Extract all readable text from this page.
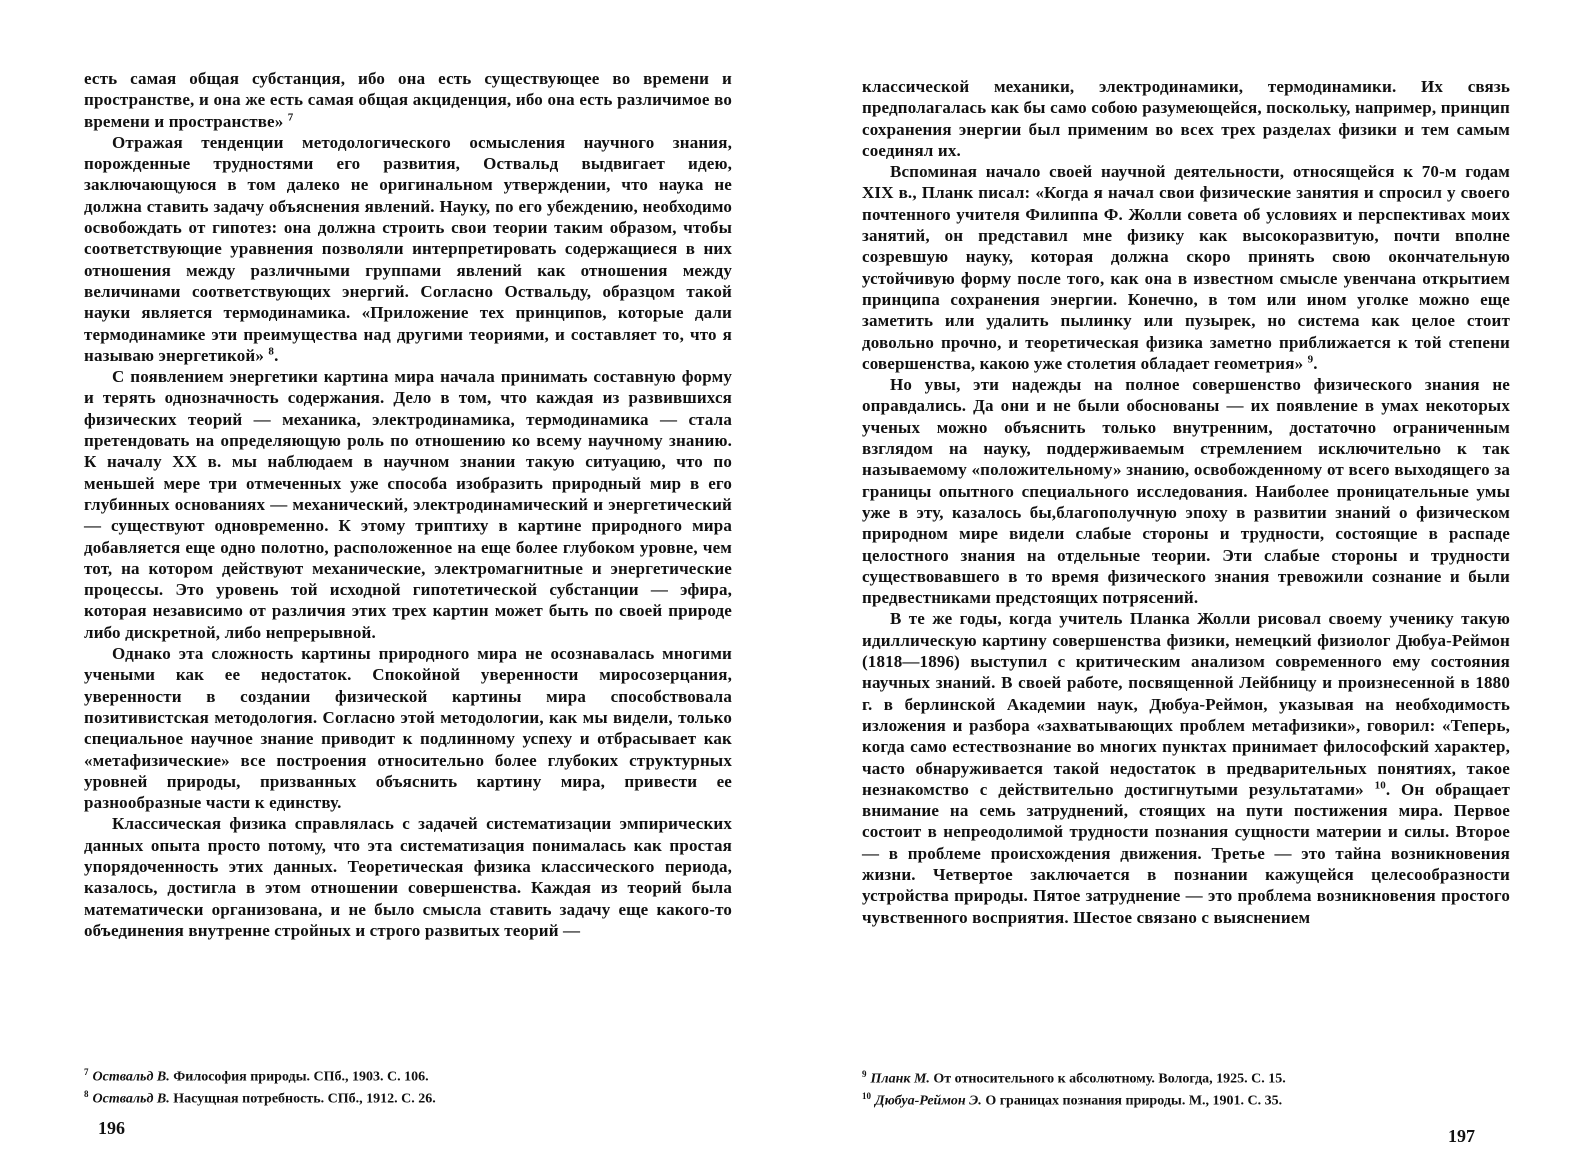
есть самая общая субстанция, ибо она есть существующее во времени и пространстве, и она же есть самая общая акциденция, ибо она есть различимое во времени и пространстве» $^7$

Отражая тенденции методологического осмысления научного знания, порожденные трудностями его развития, Оствальд выдвигает идею, заключающуюся в том далеко не оригинальном утверждении, что наука не должна ставить задачу объяснения явлений. Науку, по его убеждению, необходимо освобождать от гипотез: она должна строить свои теории таким образом, чтобы соответствующие уравнения позволяли интерпретировать содержащиеся в них отношения между различными группами явлений как отношения между величинами соответствующих энергий. Согласно Оствальду, образцом такой науки является термодинамика. «Приложение тех принципов, которые дали термодинамике эти преимущества над другими теориями, и составляет то, что я называю энергетикой» $^8$.

С появлением энергетики картина мира начала принимать составную форму и терять однозначность содержания. Дело в том, что каждая из развившихся физических теорий — механика, электродинамика, термодинамика — стала претендовать на определяющую роль по отношению ко всему научному знанию. К началу XX в. мы наблюдаем в научном знании такую ситуацию, что по меньшей мере три отмеченных уже способа изобразить природный мир в его глубинных основаниях — механический, электродинамический и энергетический — существуют одновременно. К этому триптиху в картине природного мира добавляется еще одно полотно, расположенное на еще более глубоком уровне, чем тот, на котором действуют механические, электромагнитные и энергетические процессы. Это уровень той исходной гипотетической субстанции — эфира, которая независимо от различия этих трех картин может быть по своей природе либо дискретной, либо непрерывной.

Однако эта сложность картины природного мира не осознавалась многими учеными как ее недостаток. Спокойной уверенности миросозерцания, уверенности в создании физической картины мира способствовала позитивистская методология. Согласно этой методологии, как мы видели, только специальное научное знание приводит к подлинному успеху и отбрасывает как «метафизические» все построения относительно более глубоких структурных уровней природы, призванных объяснить картину мира, привести ее разнообразные части к единству.

Классическая физика справлялась с задачей систематизации эмпирических данных опыта просто потому, что эта систематизация понималась как простая упорядоченность этих данных. Теоретическая физика классического периода, казалось, достигла в этом отношении совершенства. Каждая из теорий была математически организована, и не было смысла ставить задачу еще какого-то объединения внутренне стройных и строго развитых теорий —

$^7$ Оствальд В. Философия природы. СПб., 1903. С. 106.

$^8$ Оствальд В. Насущная потребность. СПб., 1912. С. 26.

196

классической механики, электродинамики, термодинамики. Их связь предполагалась как бы само собою разумеющейся, поскольку, например, принцип сохранения энергии был применим во всех трех разделах физики и тем самым соединял их.

Вспоминая начало своей научной деятельности, относящейся к 70-м годам XIX в., Планк писал: «Когда я начал свои физические занятия и спросил у своего почтенного учителя Филиппа Ф. Жолли совета об условиях и перспективах моих занятий, он представил мне физику как высокоразвитую, почти вполне созревшую науку, которая должна скоро принять свою окончательную устойчивую форму после того, как она в известном смысле увенчана открытием принципа сохранения энергии. Конечно, в том или ином уголке можно еще заметить или удалить пылинку или пузырек, но система как целое стоит довольно прочно, и теоретическая физика заметно приближается к той степени совершенства, какою уже столетия обладает геометрия» $^9$.

Но увы, эти надежды на полное совершенство физического знания не оправдались. Да они и не были обоснованы — их появление в умах некоторых ученых можно объяснить только внутренним, достаточно ограниченным взглядом на науку, поддерживаемым стремлением исключительно к так называемому «положительному» знанию, освобожденному от всего выходящего за границы опытного специального исследования. Наиболее проницательные умы уже в эту, казалось бы,благополучную эпоху в развитии знаний о физическом природном мире видели слабые стороны и трудности, состоящие в распаде целостного знания на отдельные теории. Эти слабые стороны и трудности существовавшего в то время физического знания тревожили сознание и были предвестниками предстоящих потрясений.

В те же годы, когда учитель Планка Жолли рисовал своему ученику такую идиллическую картину совершенства физики, немецкий физиолог Дюбуа-Реймон (1818—1896) выступил с критическим анализом современного ему состояния научных знаний. В своей работе, посвященной Лейбницу и произнесенной в 1880 г. в берлинской Академии наук, Дюбуа-Реймон, указывая на необходимость изложения и разбора «захватывающих проблем метафизики», говорил: «Теперь, когда само естествознание во многих пунктах принимает философский характер, часто обнаруживается такой недостаток в предварительных понятиях, такое незнакомство с действительно достигнутыми результатами» $^{10}$. Он обращает внимание на семь затруднений, стоящих на пути постижения мира. Первое состоит в непреодолимой трудности познания сущности материи и силы. Второе — в проблеме происхождения движения. Третье — это тайна возникновения жизни. Четвертое заключается в познании кажущейся целесообразности устройства природы. Пятое затруднение — это проблема возникновения простого чувственного восприятия. Шестое связано с выяснением

$^9$ Планк М. От относительного к абсолютному. Вологда, 1925. С. 15.

$^{10}$ Дюбуа-Реймон Э. О границах познания природы. М., 1901. С. 35.

197
